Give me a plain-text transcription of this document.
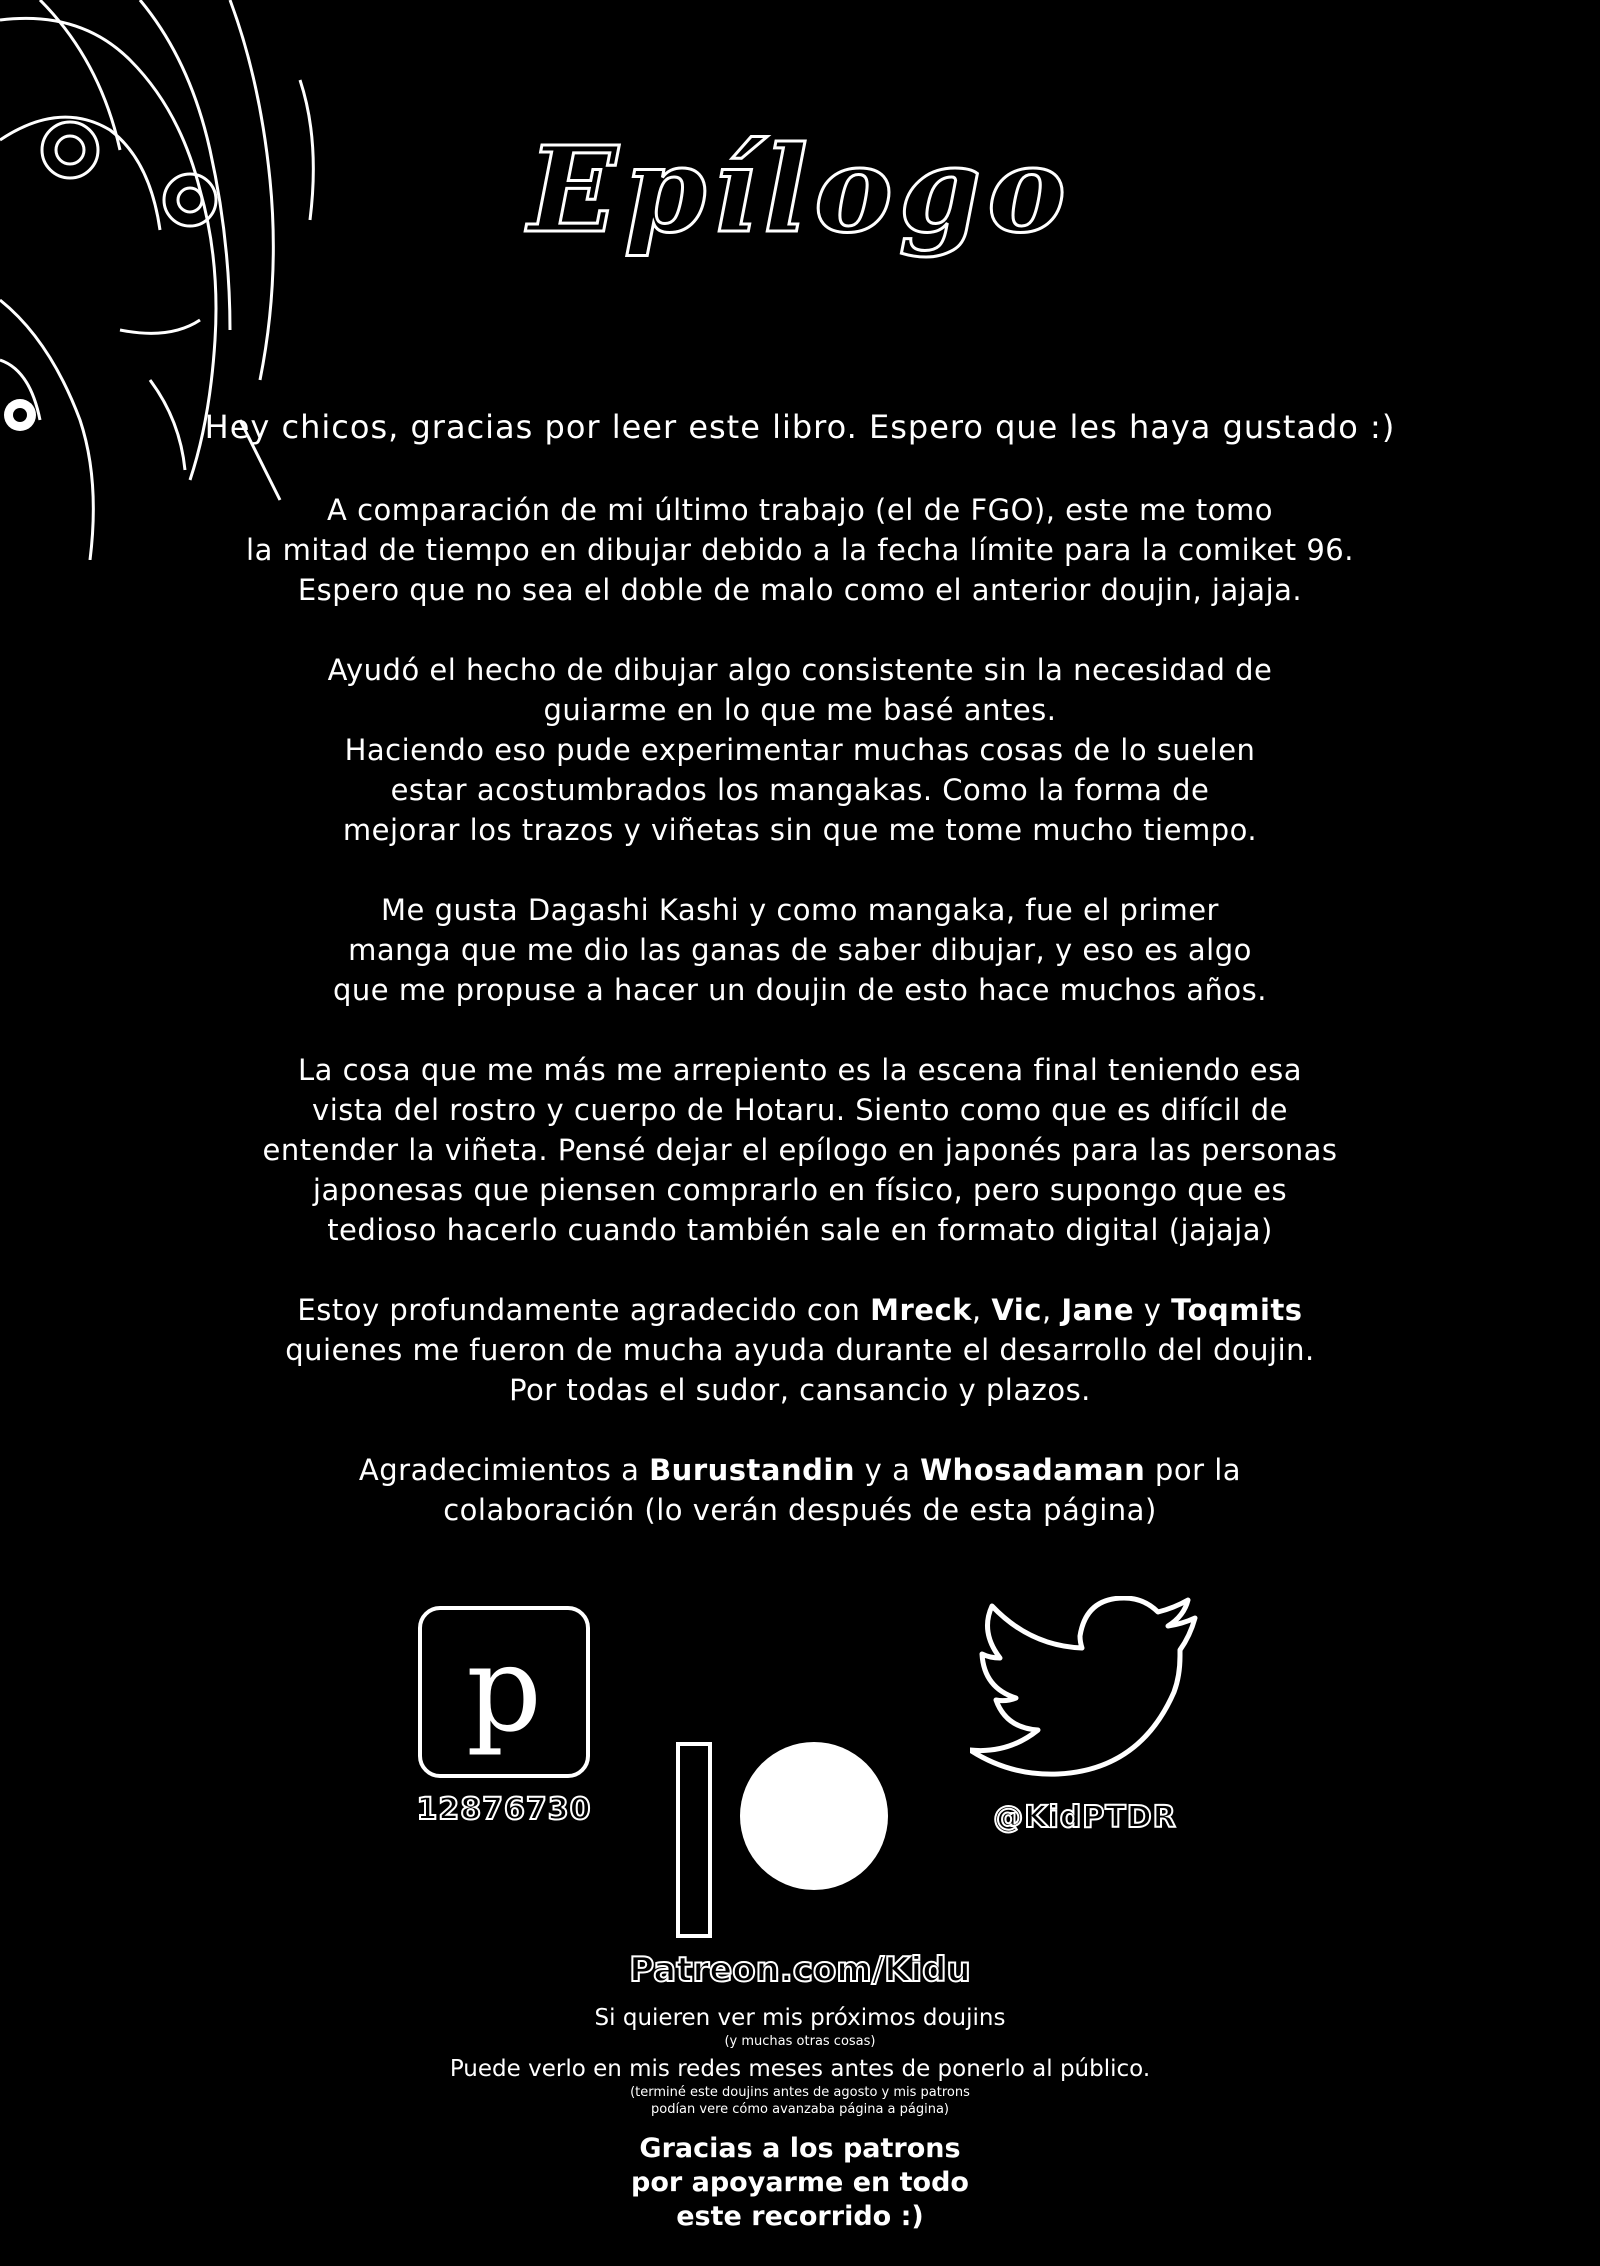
Epílogo
Hey chicos, gracias por leer este libro. Espero que les haya gustado :)
A comparación de mi último trabajo (el de FGO), este me tomo
la mitad de tiempo en dibujar debido a la fecha límite para la comiket 96.
Espero que no sea el doble de malo como el anterior doujin, jajaja.
Ayudó el hecho de dibujar algo consistente sin la necesidad de
guiarme en lo que me basé antes.
Haciendo eso pude experimentar muchas cosas de lo suelen
estar acostumbrados los mangakas. Como la forma de
mejorar los trazos y viñetas sin que me tome mucho tiempo.
Me gusta Dagashi Kashi y como mangaka, fue el primer
manga que me dio las ganas de saber dibujar, y eso es algo
que me propuse a hacer un doujin de esto hace muchos años.
La cosa que me más me arrepiento es la escena final teniendo esa
vista del rostro y cuerpo de Hotaru. Siento como que es difícil de
entender la viñeta. Pensé dejar el epílogo en japonés para las personas
japonesas que piensen comprarlo en físico, pero supongo que es
tedioso hacerlo cuando también sale en formato digital (jajaja)
Estoy profundamente agradecido con Mreck, Vic, Jane y Toqmits
quienes me fueron de mucha ayuda durante el desarrollo del doujin.
Por todas el sudor, cansancio y plazos.
Agradecimientos a Burustandin y a Whosadaman por la
colaboración (lo verán después de esta página)
p
12876730	@KidPTDR
Patreon.com/Kidu
Si quieren ver mis próximos doujins
(y muchas otras cosas)
Puede verlo en mis redes meses antes de ponerlo al público.
(terminé este doujins antes de agosto y mis patrons
podían vere cómo avanzaba página a página)
Gracias a los patrons
por apoyarme en todo
este recorrido :)
